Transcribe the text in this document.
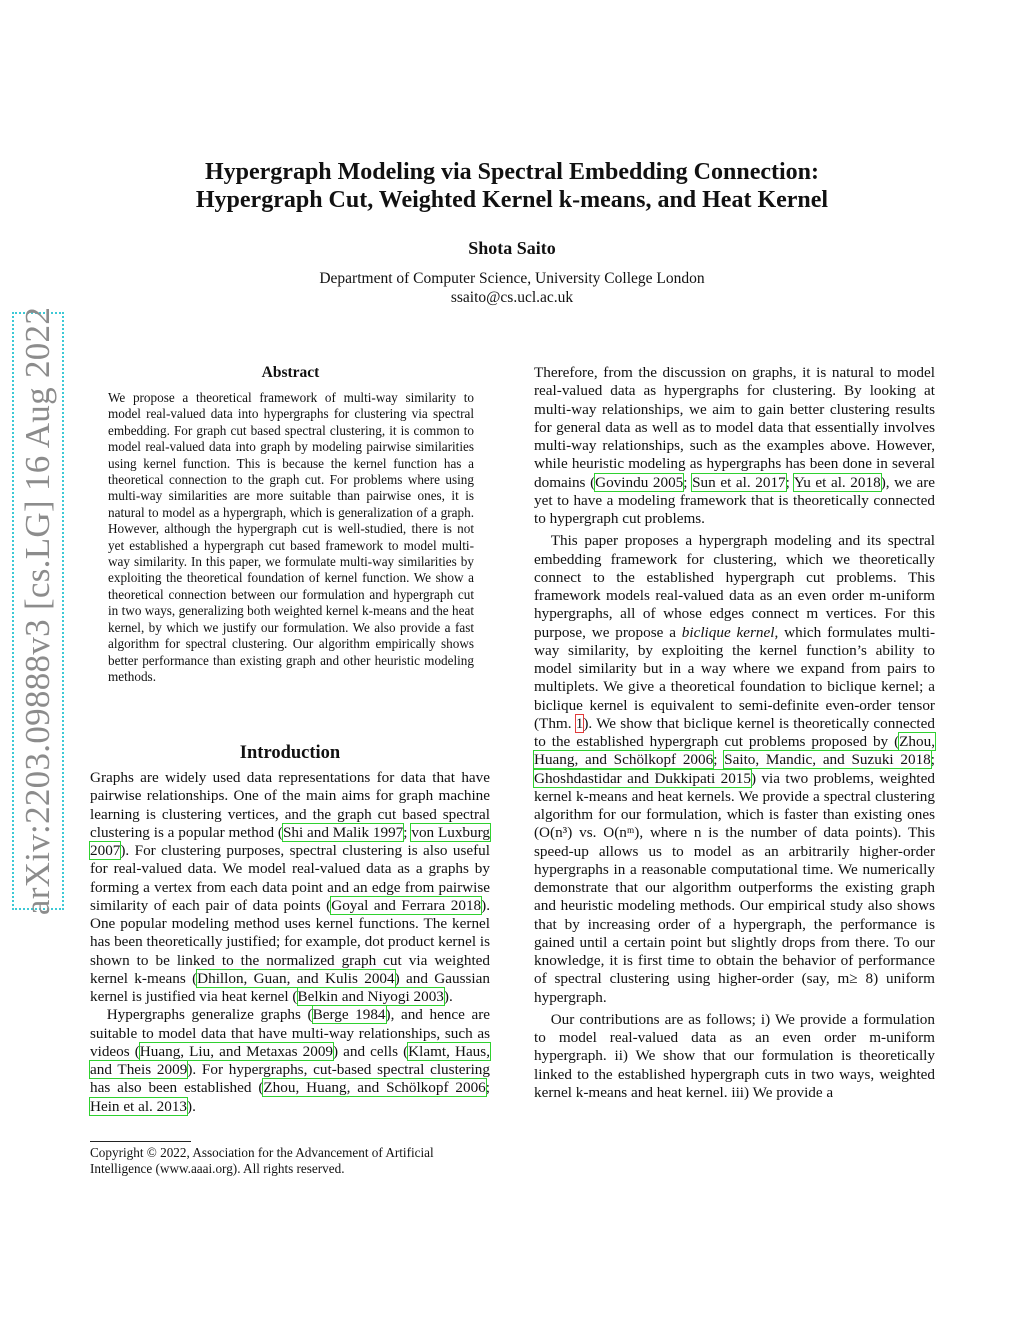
arXiv:2203.09888v3 [cs.LG] 16 Aug 2022
Hypergraph Modeling via Spectral Embedding Connection:
Hypergraph Cut, Weighted Kernel k-means, and Heat Kernel
Shota Saito
Department of Computer Science, University College London
ssaito@cs.ucl.ac.uk
Abstract
We propose a theoretical framework of multi-way similarity to model real-valued data into hypergraphs for clustering via spectral embedding. For graph cut based spectral clustering, it is common to model real-valued data into graph by modeling pairwise similarities using kernel function. This is because the kernel function has a theoretical connection to the graph cut. For problems where using multi-way similarities are more suitable than pairwise ones, it is natural to model as a hypergraph, which is generalization of a graph. However, although the hypergraph cut is well-studied, there is not yet established a hypergraph cut based framework to model multi-way similarity. In this paper, we formulate multi-way similarities by exploiting the theoretical foundation of kernel function. We show a theoretical connection between our formulation and hypergraph cut in two ways, generalizing both weighted kernel k-means and the heat kernel, by which we justify our formulation. We also provide a fast algorithm for spectral clustering. Our algorithm empirically shows better performance than existing graph and other heuristic modeling methods.
Introduction

Graphs are widely used data representations for data that have pairwise relationships. One of the main aims for graph machine learning is clustering vertices, and the graph cut based spectral clustering is a popular method (Shi and Malik 1997; von Luxburg 2007). For clustering purposes, spectral clustering is also useful for real-valued data. We model real-valued data as a graphs by forming a vertex from each data point and an edge from pairwise similarity of each pair of data points (Goyal and Ferrara 2018). One popular modeling method uses kernel functions. The kernel has been theoretically justified; for example, dot product kernel is shown to be linked to the normalized graph cut via weighted kernel k-means (Dhillon, Guan, and Kulis 2004) and Gaussian kernel is justified via heat kernel (Belkin and Niyogi 2003).

Hypergraphs generalize graphs (Berge 1984), and hence are suitable to model data that have multi-way relationships, such as videos (Huang, Liu, and Metaxas 2009) and cells (Klamt, Haus, and Theis 2009). For hypergraphs, cut-based spectral clustering has also been established (Zhou, Huang, and Schölkopf 2006; Hein et al. 2013).

Copyright © 2022, Association for the Advancement of Artificial
Intelligence (www.aaai.org). All rights reserved.

Therefore, from the discussion on graphs, it is natural to model real-valued data as hypergraphs for clustering. By looking at multi-way relationships, we aim to gain better clustering results for general data as well as to model data that essentially involves multi-way relationships, such as the examples above. However, while heuristic modeling as hypergraphs has been done in several domains (Govindu 2005; Sun et al. 2017; Yu et al. 2018), we are yet to have a modeling framework that is theoretically connected to hypergraph cut problems.

This paper proposes a hypergraph modeling and its spectral embedding framework for clustering, which we theoretically connect to the established hypergraph cut problems. This framework models real-valued data as an even order m-uniform hypergraphs, all of whose edges connect m vertices. For this purpose, we propose a biclique kernel, which formulates multi-way similarity, by exploiting the kernel function’s ability to model similarity but in a way where we expand from pairs to multiplets. We give a theoretical foundation to biclique kernel; a biclique kernel is equivalent to semi-definite even-order tensor (Thm. 1). We show that biclique kernel is theoretically connected to the established hypergraph cut problems proposed by (Zhou, Huang, and Schölkopf 2006; Saito, Mandic, and Suzuki 2018; Ghoshdastidar and Dukkipati 2015) via two problems, weighted kernel k-means and heat kernels. We provide a spectral clustering algorithm for our formulation, which is faster than existing ones (O(n³) vs. O(nᵐ), where n is the number of data points). This speed-up allows us to model as an arbitrarily higher-order hypergraphs in a reasonable computational time. We numerically demonstrate that our algorithm outperforms the existing graph and heuristic modeling methods. Our empirical study also shows that by increasing order of a hypergraph, the performance is gained until a certain point but slightly drops from there. To our knowledge, it is first time to obtain the behavior of performance of spectral clustering using higher-order (say, m≥ 8) uniform hypergraph.

Our contributions are as follows; i) We provide a formulation to model real-valued data as an even order m-uniform hypergraph. ii) We show that our formulation is theoretically linked to the established hypergraph cuts in two ways, weighted kernel k-means and heat kernel. iii) We provide a
